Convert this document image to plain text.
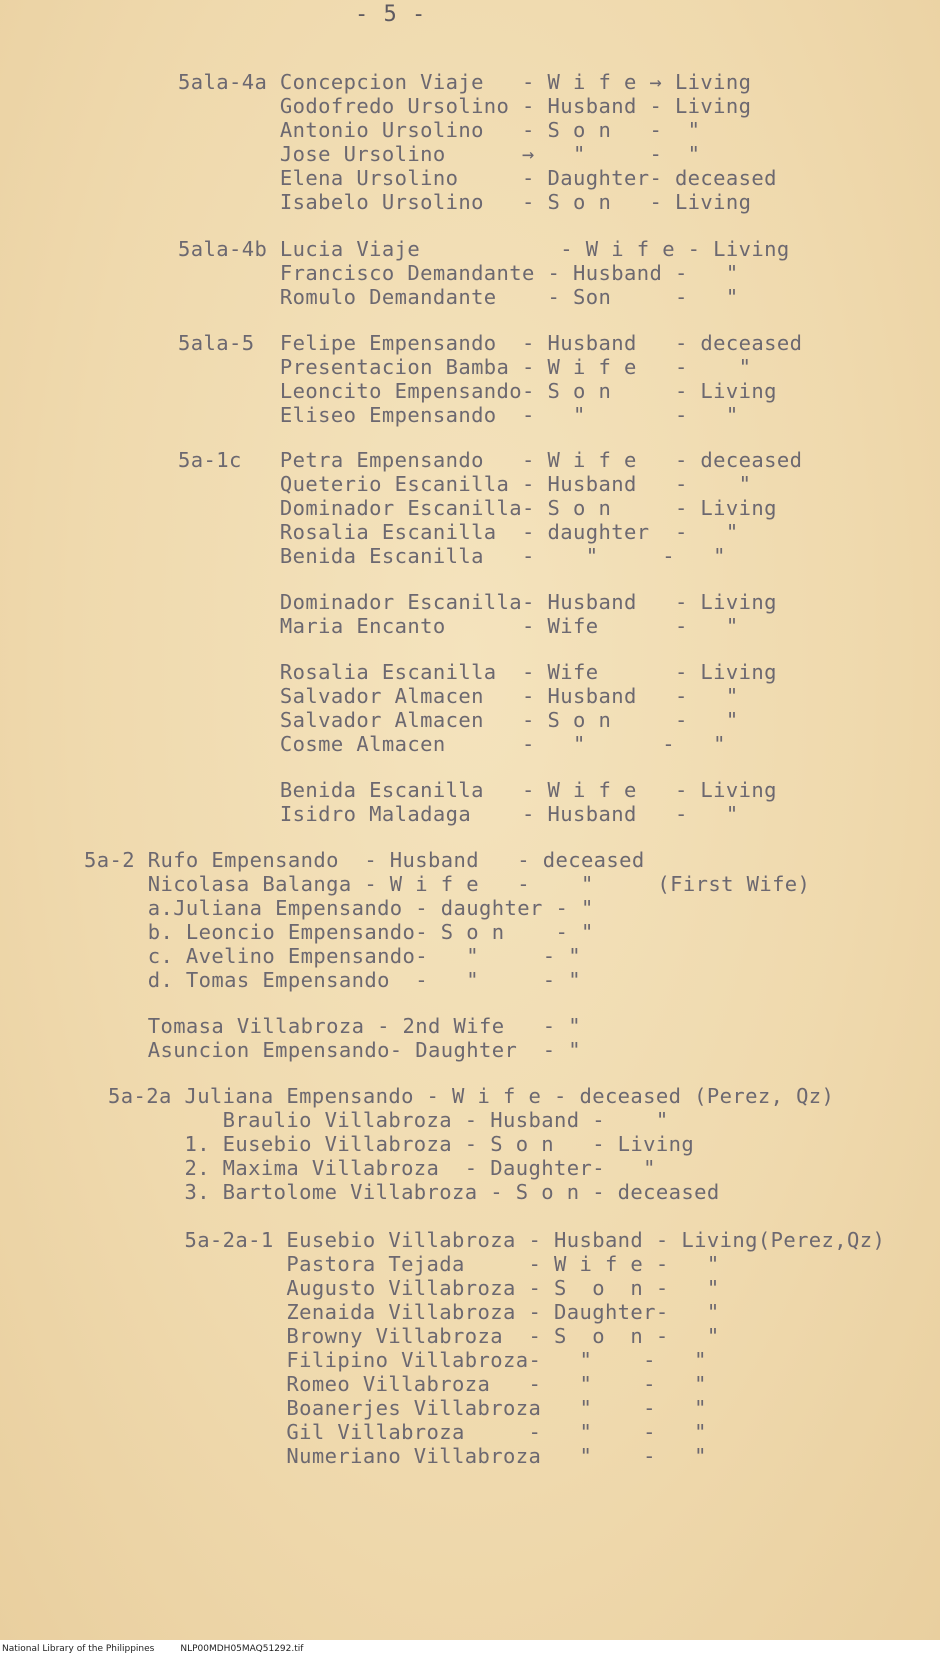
- 5 -
5ala-4a Concepcion Viaje   - W i f e → Living
Godofredo Ursolino - Husband - Living
Antonio Ursolino   - S o n   -  "
Jose Ursolino      →   "     -  "
Elena Ursolino     - Daughter- deceased
Isabelo Ursolino   - S o n   - Living
5ala-4b Lucia Viaje           - W i f e - Living
Francisco Demandante - Husband -   "
Romulo Demandante    - Son     -   "
5ala-5  Felipe Empensando  - Husband   - deceased
Presentacion Bamba - W i f e   -    "
Leoncito Empensando- S o n     - Living
Eliseo Empensando  -   "       -   "
5a-1c   Petra Empensando   - W i f e   - deceased
Queterio Escanilla - Husband   -    "
Dominador Escanilla- S o n     - Living
Rosalia Escanilla  - daughter  -   "
Benida Escanilla   -    "     -   "
Dominador Escanilla- Husband   - Living
Maria Encanto      - Wife      -   "
Rosalia Escanilla  - Wife      - Living
Salvador Almacen   - Husband   -   "
Salvador Almacen   - S o n     -   "
Cosme Almacen      -   "      -   "
Benida Escanilla   - W i f e   - Living
Isidro Maladaga    - Husband   -   "
5a-2 Rufo Empensando  - Husband   - deceased
Nicolasa Balanga - W i f e   -    "     (First Wife)
a.Juliana Empensando - daughter - "
b. Leoncio Empensando- S o n    - "
c. Avelino Empensando-   "     - "
d. Tomas Empensando  -   "     - "
Tomasa Villabroza - 2nd Wife   - "
Asuncion Empensando- Daughter  - "
5a-2a Juliana Empensando - W i f e - deceased (Perez, Qz)
Braulio Villabroza - Husband -    "
1. Eusebio Villabroza - S o n   - Living
2. Maxima Villabroza  - Daughter-   "
3. Bartolome Villabroza - S o n - deceased
5a-2a-1 Eusebio Villabroza - Husband - Living(Perez,Qz)
Pastora Tejada     - W i f e -   "
Augusto Villabroza - S  o  n -   "
Zenaida Villabroza - Daughter-   "
Browny Villabroza  - S  o  n -   "
Filipino Villabroza-   "    -   "
Romeo Villabroza   -   "    -   "
Boanerjes Villabroza   "    -   "
Gil Villabroza     -   "    -   "
Numeriano Villabroza   "    -   "
National Library of the Philippines	NLP00MDH05MAQ51292.tif
